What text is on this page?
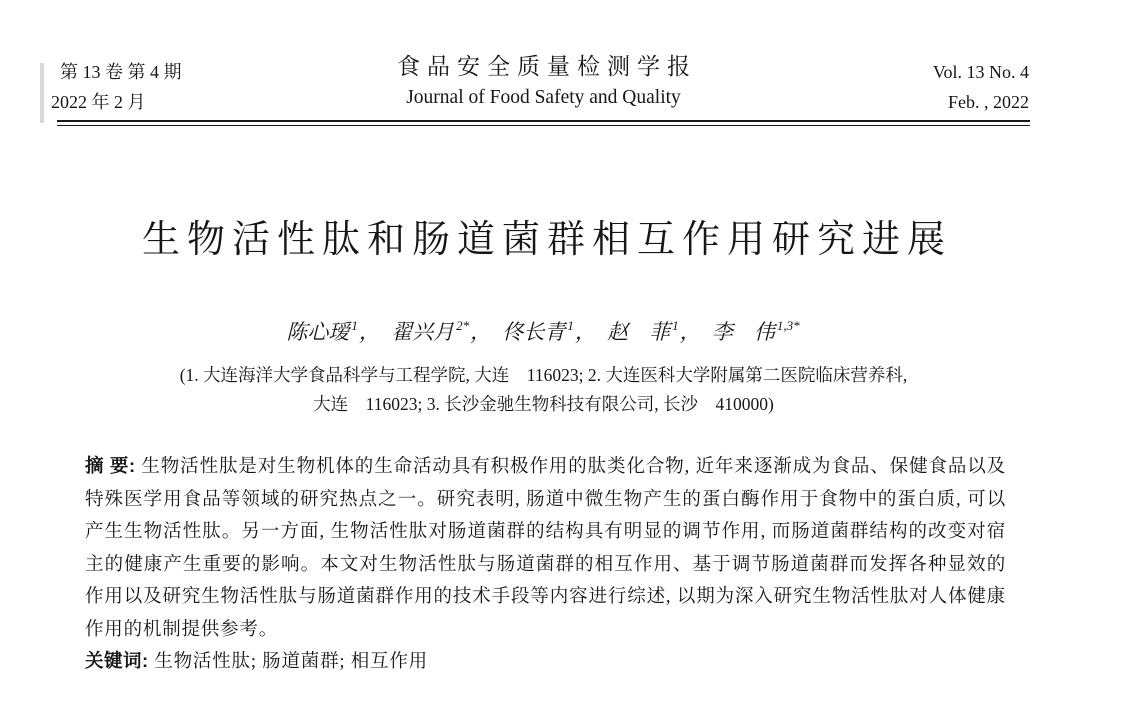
第 13 卷 第 4 期
2022 年 2 月
食品安全质量检测学报
Journal of Food Safety and Quality
Vol. 13 No. 4
Feb. , 2022
生物活性肽和肠道菌群相互作用研究进展
陈心瑷 $^1$， 翟兴月 $^{2*}$， 佟长青 $^1$， 赵　菲 $^1$， 李　伟 $^{1,3*}$
(1. 大连海洋大学食品科学与工程学院, 大连　116023; 2. 大连医科大学附属第二医院临床营养科,
大连　116023; 3. 长沙金驰生物科技有限公司, 长沙　410000)
摘 要: 生物活性肽是对生物机体的生命活动具有积极作用的肽类化合物, 近年来逐渐成为食品、保健食品以及特殊医学用食品等领域的研究热点之一。研究表明, 肠道中微生物产生的蛋白酶作用于食物中的蛋白质, 可以产生生物活性肽。另一方面, 生物活性肽对肠道菌群的结构具有明显的调节作用, 而肠道菌群结构的改变对宿主的健康产生重要的影响。本文对生物活性肽与肠道菌群的相互作用、基于调节肠道菌群而发挥各种显效的作用以及研究生物活性肽与肠道菌群作用的技术手段等内容进行综述, 以期为深入研究生物活性肽对人体健康作用的机制提供参考。
关键词: 生物活性肽; 肠道菌群; 相互作用
